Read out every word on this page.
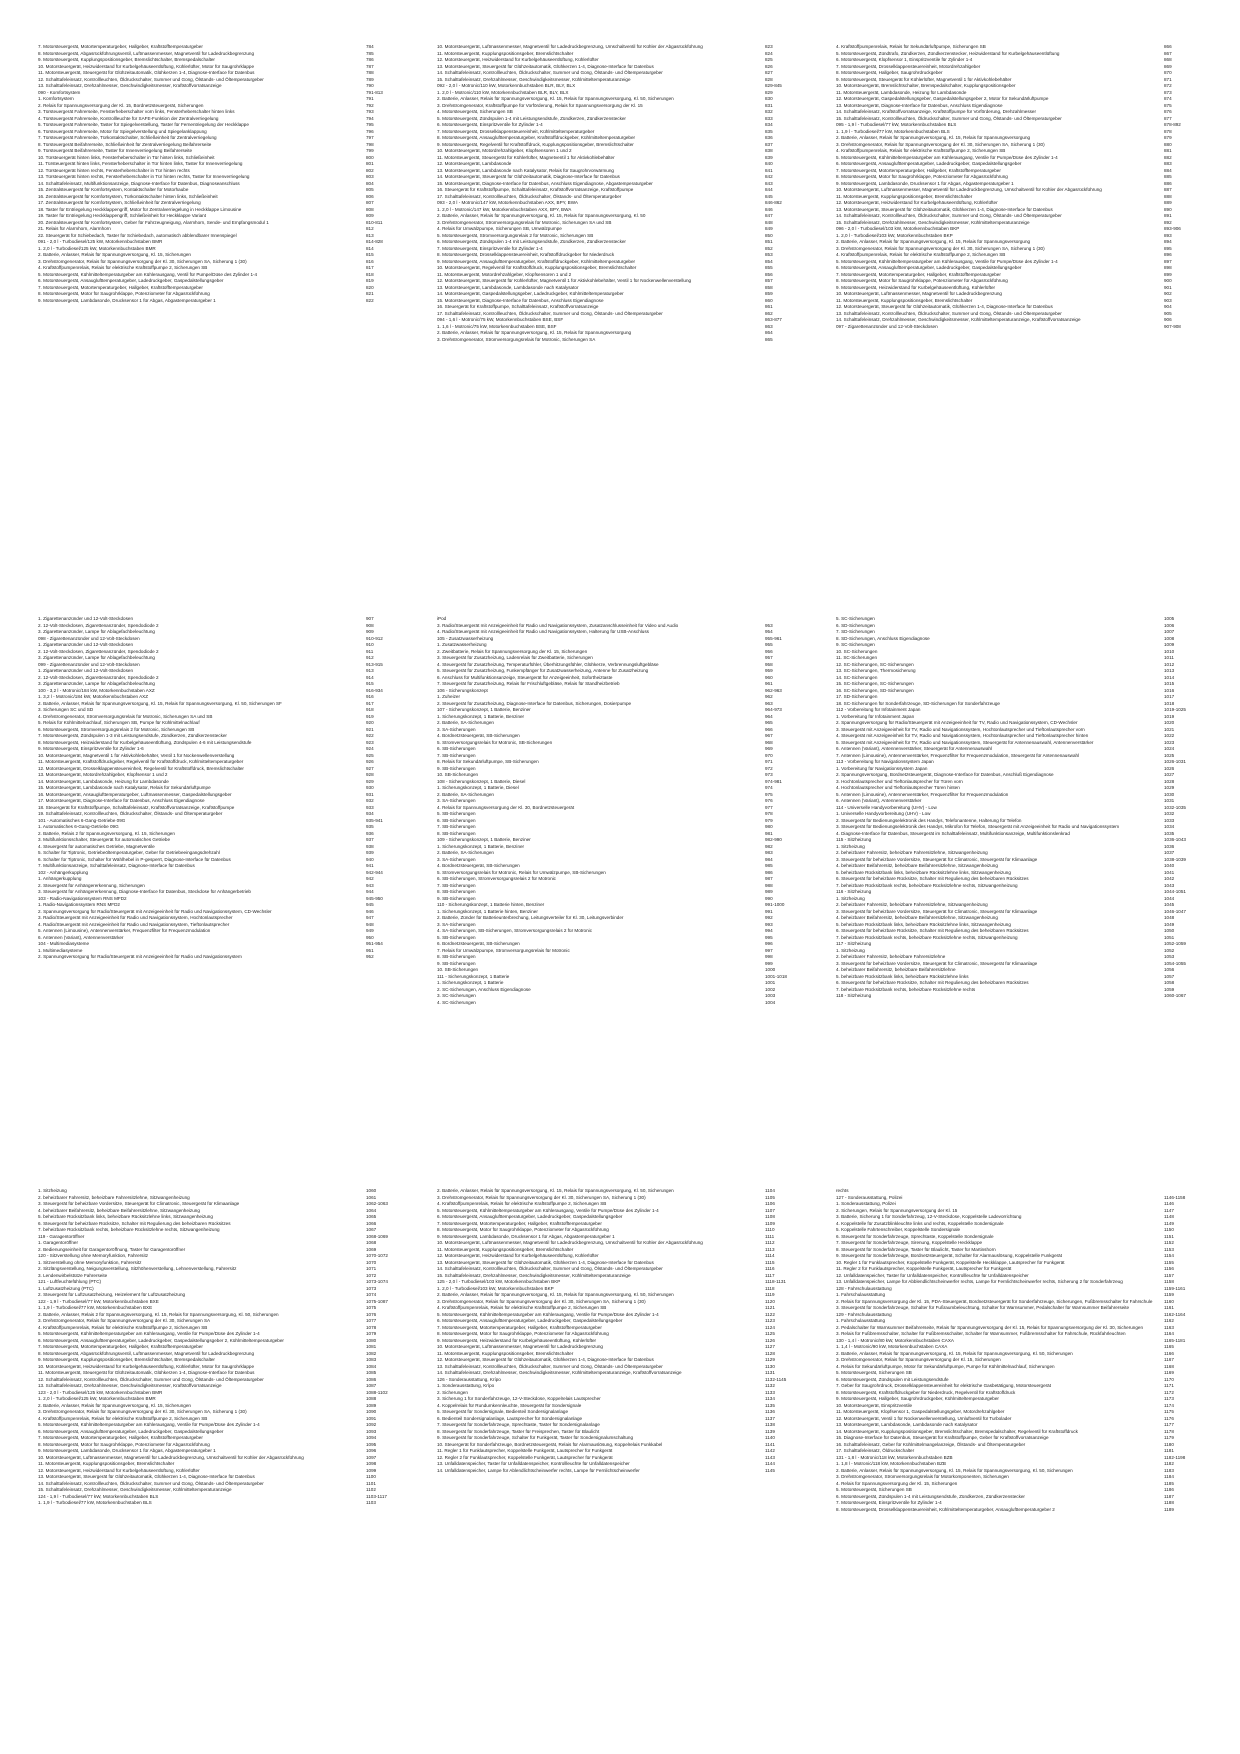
7. Motorsteuergerät, Motortemperaturgeber, Hallgeber, Kraftstofftemperaturgeber	784
8. Motorsteuergerät, Abgasrückführungsventil, Luftmassenmesser, Magnetventil für Ladedruckbegrenzung	785
9. Motorsteuergerät, Kupplungspositionsgeber, Bremslichtschalter, Bremspedalschalter	786
10. Motorsteuergerät, Heizwiderstand für Kurbelgehäuseentlüftung, Kühlerlüfter, Motor für Saugrohrklappe	787
11. Motorsteuergerät, Steuergerät für Glühzeitautomatik, Glühkerzen 1-4, Diagnose-Interface für Datenbus	788
12. Schalttafeleinsatz, Kontrollleuchten, Öldruckschalter, Summer und Gong, Ölstands- und Öltemperaturgeber	789
13. Schalttafeleinsatz, Drehzahlmesser, Geschwindigkeitsmesser, Kraftstoffvorratsanzeige	790
090 - Komfortsystem	791-813
1. Komfortsystem	791
2. Relais für Spannungsversorgung der Kl. 15, Bordnetzsteuergerät, Sicherungen	792
3. Türsteuergerät Fahrerseite, Fensterheberschalter vorn links, Fensterheberschalter hinten links	793
4. Türsteuergerät Fahrerseite, Kontrollleuchte für SAFE-Funktion der Zentralverriegelung	794
5. Türsteuergerät Fahrerseite, Taster für Spiegelverstellung, Taster für Fernentriegelung der Heckklappe	795
6. Türsteuergerät Fahrerseite, Motor für Spiegelverstellung und Spiegelanklappung	796
7. Türsteuergerät Fahrerseite, Türkontaktschalter, Schließeinheit für Zentralverriegelung	797
8. Türsteuergerät Beifahrerseite, Schließeinheit für Zentralverriegelung Beifahrerseite	798
9. Türsteuergerät Beifahrerseite, Taster für Innenverriegelung Beifahrerseite	799
10. Türsteuergerät hinten links, Fensterheberschalter in Tür hinten links, Schließeinheit	800
11. Türsteuergerät hinten links, Fensterheberschalter in Tür hinten links, Taster für Innenverriegelung	801
12. Türsteuergerät hinten rechts, Fensterheberschalter in Tür hinten rechts	802
13. Türsteuergerät hinten rechts, Fensterheberschalter in Tür hinten rechts, Taster für Innenverriegelung	803
14. Schalttafeleinsatz, Multifunktionsanzeige, Diagnose-Interface für Datenbus, Diagnoseanschluss	804
15. Zentralsteuergerät für Komfortsystem, Kontaktschalter für Motorhaube	805
16. Zentralsteuergerät für Komfortsystem, Türkontaktschalter hinten links, Schließeinheit	806
17. Zentralsteuergerät für Komfortsystem, Schließeinheit für Zentralverriegelung	807
18. Taster für Entriegelung Heckklappengriff, Motor für Zentralverriegelung in Heckklappe Limousine	808
19. Taster für Entriegelung Heckklappengriff, Schließeinheit für Heckklappe Variant	809
20. Zentralsteuergerät für Komfortsystem, Geber für Fahrzeugneigung, Alarmhorn, Sende- und Empfangsmodul 1	810-811
21. Relais für Alarmhorn, Alarmhorn	812
22. Steuergerät für Schiebedach, Taster für Schiebedach, automatisch abblendbarer Innenspiegel	813
091 - 2,0 l - Turbodiesel/125 kW, Motorkennbuchstaben BMR	814-828
1. 2,0 l - Turbodiesel/125 kW, Motorkennbuchstaben BMR	814
2. Batterie, Anlasser, Relais für Spannungsversorgung, Kl. 15, Sicherungen	815
3. Drehstromgenerator, Relais für Spannungsversorgung der Kl. 30, Sicherungen SA, Sicherung 1 (30)	816
4. Kraftstoffpumpenrelais, Relais für elektrische Kraftstoffpumpe 2, Sicherungen SB	817
5. Motorsteuergerät, Kühlmitteltemperaturgeber am Kühlerausgang, Ventil für Pumpe/Düse des Zylinder 1-4	818
6. Motorsteuergerät, Ansauglufttemperaturgeber, Ladedruckgeber, Gaspedalstellungsgeber	819
7. Motorsteuergerät, Motortemperaturgeber, Hallgeber, Kraftstofftemperaturgeber	820
8. Motorsteuergerät, Motor für Saugrohrklappe, Potenziometer für Abgasrückführung	821
9. Motorsteuergerät, Lambdasonde, Drucksensor 1 für Abgas, Abgastemperaturgeber 1	822
10. Motorsteuergerät, Luftmassenmesser, Magnetventil für Ladedruckbegrenzung, Umschaltventil für Kühler der Abgasrückführung	823
11. Motorsteuergerät, Kupplungspositionsgeber, Bremslichtschalter	824
12. Motorsteuergerät, Heizwiderstand für Kurbelgehäuseentlüftung, Kühlerlüfter	825
13. Motorsteuergerät, Steuergerät für Glühzeitautomatik, Glühkerzen 1-4, Diagnose-Interface für Datenbus	826
14. Schalttafeleinsatz, Kontrollleuchten, Öldruckschalter, Summer und Gong, Ölstands- und Öltemperaturgeber	827
15. Schalttafeleinsatz, Drehzahlmesser, Geschwindigkeitsmesser, Kühlmitteltemperaturanzeige	828
092 - 2,0 l - Motronic/110 kW, Motorkennbuchstaben BLR, BLY, BLX	829-845
1. 2,0 l - Motronic/110 kW, Motorkennbuchstaben BLR, BLY, BLX	829
2. Batterie, Anlasser, Relais für Spannungsversorgung, Kl. 15, Relais für Spannungsversorgung, Kl. 50, Sicherungen	830
3. Drehstromgenerator, Kraftstoffpumpe für Vorförderung, Relais für Spannungsversorgung der Kl. 15	831
4. Motorsteuergerät, Sicherungen SB	832
5. Motorsteuergerät, Zündspulen 1-4 mit Leistungsendstufe, Zündkerzen, Zündkerzenstecker	833
6. Motorsteuergerät, Einspritzventile für Zylinder 1-4	834
7. Motorsteuergerät, Drosselklappensteuereinheit, Kühlmitteltemperaturgeber	835
8. Motorsteuergerät, Ansauglufttemperaturgeber, Kraftstoffdruckgeber, Kühlmitteltemperaturgeber	836
9. Motorsteuergerät, Regelventil für Kraftstoffdruck, Kupplungspositionsgeber, Bremslichtschalter	837
10. Motorsteuergerät, Motordrehzahlgeber, Klopfsensoren 1 und 2	838
11. Motorsteuergerät, Steuergerät für Kühlerlüfter, Magnetventil 1 für Aktivkohlebehälter	839
12. Motorsteuergerät, Lambdasonde	840
13. Motorsteuergerät, Lambdasonde nach Katalysator, Relais für Saugrohrvorwärmung	841
14. Motorsteuergerät, Steuergerät für Glühzeitautomatik, Diagnose-Interface für Datenbus	842
15. Motorsteuergerät, Diagnose-Interface für Datenbus, Anschluss Eigendiagnose, Abgastemperaturgeber	843
16. Steuergerät für Kraftstoffpumpe, Schalttafeleinsatz, Kraftstoffvorratsanzeige, Kraftstoffpumpe	844
17. Schalttafeleinsatz, Kontrollleuchten, Öldruckschalter, Ölstands- und Öltemperaturgeber	845
093 - 2,0 l - Motronic/147 kW, Motorkennbuchstaben AXX, BPY, BWA	846-862
1. 2,0 l - Motronic/147 kW, Motorkennbuchstaben AXX, BPY, BWA	846
2. Batterie, Anlasser, Relais für Spannungsversorgung, Kl. 15, Relais für Spannungsversorgung, Kl. 50	847
3. Drehstromgenerator, Stromversorgungsrelais für Motronic, Sicherungen SA und SB	848
4. Relais für Umwälzpumpe, Sicherungen SB, Umwälzpumpe	849
5. Motorsteuergerät, Stromversorgungsrelais 2 für Motronic, Sicherungen SB	850
6. Motorsteuergerät, Zündspulen 1-4 mit Leistungsendstufe, Zündkerzen, Zündkerzenstecker	851
7. Motorsteuergerät, Einspritzventile für Zylinder 1-4	852
8. Motorsteuergerät, Drosselklappensteuereinheit, Kraftstoffdruckgeber für Niederdruck	853
9. Motorsteuergerät, Ansauglufttemperaturgeber, Kraftstoffdruckgeber, Kühlmitteltemperaturgeber	854
10. Motorsteuergerät, Regelventil für Kraftstoffdruck, Kupplungspositionsgeber, Bremslichtschalter	855
11. Motorsteuergerät, Motordrehzahlgeber, Klopfsensoren 1 und 2	856
12. Motorsteuergerät, Steuergerät für Kühlerlüfter, Magnetventil 1 für Aktivkohlebehälter, Ventil 1 für Nockenwellenverstellung	857
13. Motorsteuergerät, Lambdasonde, Lambdasonde nach Katalysator	858
14. Motorsteuergerät, Gaspedalstellungsgeber, Ladedruckgeber, Kühlmitteltemperaturgeber	859
15. Motorsteuergerät, Diagnose-Interface für Datenbus, Anschluss Eigendiagnose	860
16. Steuergerät für Kraftstoffpumpe, Schalttafeleinsatz, Kraftstoffvorratsanzeige	861
17. Schalttafeleinsatz, Kontrollleuchten, Öldruckschalter, Summer und Gong, Ölstands- und Öltemperaturgeber	862
094 - 1,6 l - Motronic/75 kW, Motorkennbuchstaben BSE, BSF	863-877
1. 1,6 l - Motronic/75 kW, Motorkennbuchstaben BSE, BSF	863
2. Batterie, Anlasser, Relais für Spannungsversorgung, Kl. 15, Relais für Spannungsversorgung	864
3. Drehstromgenerator, Stromversorgungsrelais für Motronic, Sicherungen SA	865
4. Kraftstoffpumpenrelais, Relais für Sekundärluftpumpe, Sicherungen SB	866
5. Motorsteuergerät, Zündtrafo, Zündkerzen, Zündkerzenstecker, Heizwiderstand für Kurbelgehäuseentlüftung	867
6. Motorsteuergerät, Klopfsensor 1, Einspritzventile für Zylinder 1-4	868
7. Motorsteuergerät, Drosselklappensteuereinheit, Motordrehzahlgeber	869
8. Motorsteuergerät, Hallgeber, Saugrohrdruckgeber	870
9. Motorsteuergerät, Steuergerät für Kühlerlüfter, Magnetventil 1 für Aktivkohlebehälter	871
10. Motorsteuergerät, Bremslichtschalter, Bremspedalschalter, Kupplungspositionsgeber	872
11. Motorsteuergerät, Lambdasonde, Heizung für Lambdasonde	873
12. Motorsteuergerät, Gaspedalstellungsgeber, Gaspedalstellungsgeber 2, Motor für Sekundärluftpumpe	874
13. Motorsteuergerät, Diagnose-Interface für Datenbus, Anschluss Eigendiagnose	875
14. Schalttafeleinsatz, Kraftstoffvorratsanzeige, Kraftstoffpumpe für Vorförderung, Drehzahlmesser	876
15. Schalttafeleinsatz, Kontrollleuchten, Öldruckschalter, Summer und Gong, Ölstands- und Öltemperaturgeber	877
095 - 1,9 l - Turbodiesel/77 kW, Motorkennbuchstaben BLS	878-892
1. 1,9 l - Turbodiesel/77 kW, Motorkennbuchstaben BLS	878
2. Batterie, Anlasser, Relais für Spannungsversorgung, Kl. 15, Relais für Spannungsversorgung	879
3. Drehstromgenerator, Relais für Spannungsversorgung der Kl. 30, Sicherungen SA, Sicherung 1 (30)	880
4. Kraftstoffpumpenrelais, Relais für elektrische Kraftstoffpumpe 2, Sicherungen SB	881
5. Motorsteuergerät, Kühlmitteltemperaturgeber am Kühlerausgang, Ventile für Pumpe/Düse des Zylinder 1-4	882
6. Motorsteuergerät, Ansauglufttemperaturgeber, Ladedruckgeber, Gaspedalstellungsgeber	883
7. Motorsteuergerät, Motortemperaturgeber, Hallgeber, Kraftstofftemperaturgeber	884
8. Motorsteuergerät, Motor für Saugrohrklappe, Potenziometer für Abgasrückführung	885
9. Motorsteuergerät, Lambdasonde, Drucksensor 1 für Abgas, Abgastemperaturgeber 1	886
10. Motorsteuergerät, Luftmassenmesser, Magnetventil für Ladedruckbegrenzung, Umschaltventil für Kühler der Abgasrückführung	887
11. Motorsteuergerät, Kupplungspositionsgeber, Bremslichtschalter	888
12. Motorsteuergerät, Heizwiderstand für Kurbelgehäuseentlüftung, Kühlerlüfter	889
13. Motorsteuergerät, Steuergerät für Glühzeitautomatik, Glühkerzen 1-4, Diagnose-Interface für Datenbus	890
14. Schalttafeleinsatz, Kontrollleuchten, Öldruckschalter, Summer und Gong, Ölstands- und Öltemperaturgeber	891
15. Schalttafeleinsatz, Drehzahlmesser, Geschwindigkeitsmesser, Kühlmitteltemperaturanzeige	892
096 - 2,0 l - Turbodiesel/103 kW, Motorkennbuchstaben BKP	893-906
1. 2,0 l - Turbodiesel/103 kW, Motorkennbuchstaben BKP	893
2. Batterie, Anlasser, Relais für Spannungsversorgung, Kl. 15, Relais für Spannungsversorgung	894
3. Drehstromgenerator, Relais für Spannungsversorgung der Kl. 30, Sicherungen SA, Sicherung 1 (30)	895
4. Kraftstoffpumpenrelais, Relais für elektrische Kraftstoffpumpe 2, Sicherungen SB	896
5. Motorsteuergerät, Kühlmitteltemperaturgeber am Kühlerausgang, Ventile für Pumpe/Düse des Zylinder 1-4	897
6. Motorsteuergerät, Ansauglufttemperaturgeber, Ladedruckgeber, Gaspedalstellungsgeber	898
7. Motorsteuergerät, Motortemperaturgeber, Hallgeber, Kraftstofftemperaturgeber	899
8. Motorsteuergerät, Motor für Saugrohrklappe, Potenziometer für Abgasrückführung	900
9. Motorsteuergerät, Heizwiderstand für Kurbelgehäuseentlüftung, Kühlerlüfter	901
10. Motorsteuergerät, Luftmassenmesser, Magnetventil für Ladedruckbegrenzung	902
11. Motorsteuergerät, Kupplungspositionsgeber, Bremslichtschalter	903
12. Motorsteuergerät, Steuergerät für Glühzeitautomatik, Glühkerzen 1-4, Diagnose-Interface für Datenbus	904
13. Schalttafeleinsatz, Kontrollleuchten, Öldruckschalter, Summer und Gong, Ölstands- und Öltemperaturgeber	905
14. Schalttafeleinsatz, Drehzahlmesser, Geschwindigkeitsmesser, Kühlmitteltemperaturanzeige, Kraftstoffvorratsanzeige	906
097 - Zigarettenanzünder und 12-Volt-Steckdosen	907-908
1. Zigarettenanzünder und 12-Volt-Steckdosen	907
2. 12-Volt-Steckdosen, Zigarettenanzünder, Spendodiode 2	908
3. Zigarettenanzünder, Lampe für Ablagefachbeleuchtung	909
098 - Zigarettenanzünder und 12-Volt-Steckdosen	910-912
1. Zigarettenanzünder und 12-Volt-Steckdosen	910
2. 12-Volt-Steckdosen, Zigarettenanzünder, Spendodiode 2	911
3. Zigarettenanzünder, Lampe für Ablagefachbeleuchtung	912
099 - Zigarettenanzünder und 12-Volt-Steckdosen	913-915
1. Zigarettenanzünder und 12-Volt-Steckdosen	913
2. 12-Volt-Steckdosen, Zigarettenanzünder, Spendodiode 2	914
3. Zigarettenanzünder, Lampe für Ablagefachbeleuchtung	915
100 - 3,2 l - Motronic/184 kW, Motorkennbuchstaben AXZ	916-934
1. 3,2 l - Motronic/184 kW, Motorkennbuchstaben AXZ	916
2. Batterie, Anlasser, Relais für Spannungsversorgung, Kl. 15, Relais für Spannungsversorgung, Kl. 50, Sicherungen SF	917
3. Sicherungen SC und SD	918
4. Drehstromgenerator, Stromversorgungsrelais für Motronic, Sicherungen SA und SB	919
5. Relais für Kühlmittelnachlauf, Sicherungen SB, Pumpe für Kühlmittelnachlauf	920
6. Motorsteuergerät, Stromversorgungsrelais 2 für Motronic, Sicherungen SB	921
7. Motorsteuergerät, Zündspulen 1-3 mit Leistungsendstufe, Zündkerzen, Zündkerzenstecker	922
8. Motorsteuergerät, Heizwiderstand für Kurbelgehäuseentlüftung, Zündspulen 4-6 mit Leistungsendstufe	923
9. Motorsteuergerät, Einspritzventile für Zylinder 1-6	924
10. Motorsteuergerät, Magnetventil 1 für Aktivkohlebehälter, Ventil 1 für Nockenwellenverstellung	925
11. Motorsteuergerät, Kraftstoffdruckgeber, Regelventil für Kraftstoffdruck, Kühlmitteltemperaturgeber	926
12. Motorsteuergerät, Drosselklappensteuereinheit, Regelventil für Kraftstoffdruck, Bremslichtschalter	927
13. Motorsteuergerät, Motordrehzahlgeber, Klopfsensor 1 und 2	928
14. Motorsteuergerät, Lambdasonde, Heizung für Lambdasonde	929
15. Motorsteuergerät, Lambdasonde nach Katalysator, Relais für Sekundärluftpumpe	930
16. Motorsteuergerät, Ansauglufttemperaturgeber, Luftmassenmesser, Gaspedalstellungsgeber	931
17. Motorsteuergerät, Diagnose-Interface für Datenbus, Anschluss Eigendiagnose	932
18. Steuergerät für Kraftstoffpumpe, Schalttafeleinsatz, Kraftstoffvorratsanzeige, Kraftstoffpumpe	933
19. Schalttafeleinsatz, Kontrollleuchten, Öldruckschalter, Ölstands- und Öltemperaturgeber	934
101 - Automatisches 6-Gang-Getriebe 09G	935-941
1. Automatisches 6-Gang-Getriebe 09G	935
2. Batterie, Relais 2 für Spannungsversorgung, Kl. 15, Sicherungen	936
3. Multifunktionsschalter, Steuergerät für automatisches Getriebe	937
4. Steuergerät für automatisches Getriebe, Magnetventile	938
5. Schalter für Tiptronic, Getriebeöltemperaturgeber, Geber für Getriebeeingangsdrehzahl	939
6. Schalter für Tiptronic, Schalter für Wählhebel in P-gesperrt, Diagnose-Interface für Datenbus	940
7. Multifunktionsanzeige, Schalttafeleinsatz, Diagnose-Interface für Datenbus	941
102 - Anhängerkupplung	942-944
1. Anhängerkupplung	942
2. Steuergerät für Anhängererkennung, Sicherungen	943
3. Steuergerät für Anhängererkennung, Diagnose-Interface für Datenbus, Steckdose für Anhängerbetrieb	944
103 - Radio-Navigationssystem RNS MFD2	945-950
1. Radio-Navigationssystem RNS MFD2	945
2. Spannungsversorgung für Radio/Steuergerät mit Anzeigeeinheit für Radio und Navigationssystem, CD-Wechsler	946
3. Radio/Steuergerät mit Anzeigeeinheit für Radio und Navigationssystem, Hochtonlautsprecher	947
4. Radio/Steuergerät mit Anzeigeeinheit für Radio und Navigationssystem, Tieftonlautsprecher	948
5. Antennen (Limousine), Antennenverstärker, Frequenzfilter für Frequenzmodulation	949
6. Antennen (Variant), Antennenverstärker	950
104 - Multimediasysteme	951-954
1. Multimediasysteme	951
2. Spannungsversorgung für Radio/Steuergerät mit Anzeigeeinheit für Radio und Navigationssystem	952
iPod
3. Radio/Steuergerät mit Anzeigeeinheit für Radio und Navigationssystem, Zusatzanschlusseinheit für Video und Audio	953
4. Radio/Steuergerät mit Anzeigeeinheit für Radio und Navigationssystem, Halterung für USB-Anschluss	954
105 - Zusatzwasserheizung	955-961
1. Zusatzwasserheizung	955
2. Zweitbatterie, Relais für Spannungsversorgung der Kl. 15, Sicherungen	956
3. Steuergerät für Zusatzheizung, Ladenrelais für Zweitbatterie, Sicherungen	957
4. Steuergerät für Zusatzheizung, Temperaturfühler, Überhitzungsfühler, Glühkerze, Verbrennungsluftgebläse	958
5. Steuergerät für Zusatzheizung, Funkempfänger für Zusatzwasserheizung, Antenne für Zusatzheizung	959
6. Anschluss für Multifunktionsanzeige, Steuergerät für Anzeigeeinheit, Sofortheiztaste	960
7. Steuergerät für Zusatzheizung, Relais für Frischluftgebläse, Relais für Standheizbetrieb	961
106 - Sicherungskonzept	962-963
1. Zuheizer	962
2. Steuergerät für Zusatzheizung, Diagnose-Interface für Datenbus, Sicherungen, Dosierpumpe	963
107 - Sicherungskonzept, 1 Batterie, Benziner	964-973
1. Sicherungskonzept, 1 Batterie, Benziner	964
2. Batterie, SA-Sicherungen	965
3. SA-Sicherungen	966
4. Bordnetzsteuergerät, SB-Sicherungen	967
5. Stromversorgungsrelais für Motronic, SB-Sicherungen	968
6. SB-Sicherungen	969
7. SB-Sicherungen	970
8. Relais für Sekundärluftpumpe, SB-Sicherungen	971
9. SB-Sicherungen	972
10. SB-Sicherungen	973
108 - Sicherungskonzept, 1 Batterie, Diesel	974-981
1. Sicherungskonzept, 1 Batterie, Diesel	974
2. Batterie, SA-Sicherungen	975
3. SA-Sicherungen	976
4. Relais für Spannungsversorgung der Kl. 30, Bordnetzsteuergerät	977
5. SB-Sicherungen	978
6. SB-Sicherungen	979
7. SB-Sicherungen	980
8. SB-Sicherungen	981
109 - Sicherungskonzept, 1 Batterie, Benziner	982-990
1. Sicherungskonzept, 1 Batterie, Benziner	982
2. Batterie, SA-Sicherungen	983
3. SA-Sicherungen	984
4. Bordnetzsteuergerät, SB-Sicherungen	985
5. Stromversorgungsrelais für Motronic, Relais für Umwälzpumpe, SB-Sicherungen	986
6. SB-Sicherungen, Stromversorgungsrelais 2 für Motronic	987
7. SB-Sicherungen	988
8. SB-Sicherungen	989
9. SB-Sicherungen	990
110 - Sicherungskonzept, 1 Batterie hinten, Benziner	991-1000
1. Sicherungskonzept, 1 Batterie hinten, Benziner	991
2. Batterie, Zünder für Batterieunterbrechung, Leitungsverteiler für Kl. 30, Leitungsverbinder	992
3. SA-Sicherungen	993
4. SA-Sicherungen, SB-Sicherungen, Stromversorgungsrelais 2 für Motronic	994
5. SB-Sicherungen	995
6. Bordnetzsteuergerät, SB-Sicherungen	996
7. Relais für Umwälzpumpe, Stromversorgungsrelais für Motronic	997
8. SB-Sicherungen	998
9. SB-Sicherungen	999
10. SB-Sicherungen	1000
111 - Sicherungskonzept, 1 Batterie	1001-1018
1. Sicherungskonzept, 1 Batterie	1001
2. SC-Sicherungen, Anschluss Eigendiagnose	1002
3. SC-Sicherungen	1003
4. SC-Sicherungen	1004
5. SC-Sicherungen	1005
6. SD-Sicherungen	1006
7. SD-Sicherungen	1007
8. SD-Sicherungen, Anschluss Eigendiagnose	1008
9. SC-Sicherungen	1009
10. SC-Sicherungen	1010
11. SC-Sicherungen	1011
12. SC-Sicherungen, SC-Sicherungen	1012
13. SC-Sicherungen, Thermosicherung	1013
14. SC-Sicherungen	1014
15. SC-Sicherungen, SC-Sicherungen	1015
16. SC-Sicherungen, SD-Sicherungen	1016
17. SD-Sicherungen	1017
18. SC-Sicherungen für Sonderfahrzeuge, SD-Sicherungen für Sonderfahrzeuge	1018
112 - Vorbereitung für Infotainment Japan	1019-1025
1. Vorbereitung für Infotainment Japan	1019
2. Spannungsversorgung für Radio/Steuergerät mit Anzeigeeinheit für TV, Radio und Navigationssystem, CD-Wechsler	1020
3. Steuergerät mit Anzeigeeinheit für TV, Radio und Navigationssystem, Hochtonlautsprecher und Tieftonlautsprecher vorn	1021
4. Steuergerät mit Anzeigeeinheit für TV, Radio und Navigationssystem, Hochtonlautsprecher und Tieftonlautsprecher hinten	1022
5. Steuergerät mit Anzeigeeinheit für TV, Radio und Navigationssystem, Steuergerät für Antennenauswahl, Antennenverstärker	1023
6. Antennen (Variant), Antennenverstärker, Steuergerät für Antennenauswahl	1024
7. Antennen (Limousine), Antennenverstärker, Frequenzfilter für Frequenzmodulation, Steuergerät für Antennenauswahl	1025
113 - Vorbereitung für Navigationssystem Japan	1026-1031
1. Vorbereitung für Navigationssystem Japan	1026
2. Spannungsversorgung, Bordnetzsteuergerät, Diagnose-Interface für Datenbus, Anschluß Eigendiagnose	1027
3. Hochtonlautsprecher und Tieftonlautsprecher für Türen vorn	1028
4. Hochtonlautsprecher und Tieftonlautsprecher Türen hinten	1029
5. Antennen (Limousine), Antennenverstärker, Frequenzfilter für Frequenzmodulation	1030
6. Antennen (Variant), Antennenverstärker	1031
114 - Universelle Handyvorbereitung (UHV) - Low	1032-1035
1. Universelle Handyvorbereitung (UHV) - Low	1032
2. Steuergerät für Bedienungselektronik des Handys, Telefonantenne, Halterung für Telefon	1033
3. Steuergerät für Bedienungselektronik des Handys, Mikrofon für Telefon, Steuergerät mit Anzeigeeinheit für Radio und Navigationssystem	1034
4. Diagnose-Interface für Datenbus, Steuergerät im Schalttafeleinsatz, Multifunktionsanzeige, Multifunktionslenkrad	1035
115 - Sitzheizung	1036-1043
1. Sitzheizung	1036
2. beheizbarer Fahrersitz, beheizbare Fahrersitzlehne, Sitzwangenheizung	1037
3. Steuergerät für beheizbare Vordersitze, Steuergerät für Climatronic, Steuergerät für Klimaanlage	1038-1039
4. beheizbarer Beifahrersitz, beheizbare Beifahrersitzlehne, Sitzwangenheizung	1040
5. beheizbare Rücksitzbank links, beheizbare Rücksitzlehne links, Sitzwangenheizung	1041
6. Steuergerät für beheizbare Rücksitze, Schalter mit Regulierung des beheizbaren Rücksitzes	1042
7. beheizbare Rücksitzbank rechts, beheizbare Rücksitzlehne rechts, Sitzwangenheizung	1043
116 - Sitzheizung	1044-1051
1. Sitzheizung	1044
2. beheizbarer Fahrersitz, beheizbare Fahrersitzlehne, Sitzwangenheizung	1045
3. Steuergerät für beheizbare Vordersitze, Steuergerät für Climatronic, Steuergerät für Klimaanlage	1046-1047
4. beheizbarer Beifahrersitz, beheizbare Beifahrersitzlehne, Sitzwangenheizung	1048
5. beheizbare Rücksitzbank links, beheizbare Rücksitzlehne links, Sitzwangenheizung	1049
6. Steuergerät für beheizbare Rücksitze, Schalter mit Regulierung des beheizbaren Rücksitzes	1050
7. beheizbare Rücksitzbank rechts, beheizbare Rücksitzlehne rechts, Sitzwangenheizung	1051
117 - Sitzheizung	1052-1059
1. Sitzheizung	1052
2. beheizbarer Fahrersitz, beheizbare Fahrersitzlehne	1053
3. Steuergerät für beheizbare Vordersitze, Steuergerät für Climatronic, Steuergerät für Klimaanlage	1054-1055
4. beheizbarer Beifahrersitz, beheizbare Beifahrersitzlehne	1056
5. beheizbare Rücksitzbank links, beheizbare Rücksitzlehne links	1057
6. Steuergerät für beheizbare Rücksitze, Schalter mit Regulierung des beheizbaren Rücksitzes	1058
7. beheizbare Rücksitzbank rechts, beheizbare Rücksitzlehne rechts	1059
118 - Sitzheizung	1060-1067
1. Sitzheizung	1060
2. beheizbarer Fahrersitz, beheizbare Fahrersitzlehne, Sitzwangenheizung	1061
3. Steuergerät für beheizbare Vordersitze, Steuergerät für Climatronic, Steuergerät für Klimaanlage	1062-1063
4. beheizbarer Beifahrersitz, beheizbare Beifahrersitzlehne, Sitzwangenheizung	1064
5. beheizbare Rücksitzbank links, beheizbare Rücksitzlehne links, Sitzwangenheizung	1065
6. Steuergerät für beheizbare Rücksitze, Schalter mit Regulierung des beheizbaren Rücksitzes	1066
7. beheizbare Rücksitzbank rechts, beheizbare Rücksitzlehne rechts, Sitzwangenheizung	1067
119 - Garagentoröffner	1068-1069
1. Garagentoröffner	1068
2. Bedienungseinheit für Garagentoröffnung, Taster für Garagentoröffner	1069
120 - Sitzverstellung ohne Memoryfunktion, Fahrersitz	1070-1072
1. Sitzverstellung ohne Memoryfunktion, Fahrersitz	1070
2. Sitzlängsverstellung, Neigungsverstellung, Sitzhöhenverstellung, Lehnenverstellung, Fahrersitz	1071
3. Lendenwirbelstütze Fahrerseite	1072
121 - Luftfeuchtefühlung (PTC)	1073-1074
1. Luftzusatzheizung (PTC)	1073
2. Steuergerät für Luftzusatzheizung, Heizelement für Luftzusatzheizung	1074
122 - 1,9 l - Turbodiesel/77 kW, Motorkennbuchstaben BXE	1075-1087
1. 1,9 l - Turbodiesel/77 kW, Motorkennbuchstaben BXE	1075
2. Batterie, Anlasser, Relais 2 für Spannungsversorgung, Kl. 15, Relais für Spannungsversorgung, Kl. 50, Sicherungen	1076
3. Drehstromgenerator, Relais für Spannungsversorgung der Kl. 30, Sicherungen SA	1077
4. Kraftstoffpumpenrelais, Relais für elektrische Kraftstoffpumpe 2, Sicherungen SB	1078
5. Motorsteuergerät, Kühlmitteltemperaturgeber am Kühlerausgang, Ventile für Pumpe/Düse des Zylinder 1-4	1079
6. Motorsteuergerät, Ansauglufttemperaturgeber, Ladedruckgeber, Gaspedalstellungsgeber 2, Kühlmitteltemperaturgeber	1080
7. Motorsteuergerät, Motortemperaturgeber, Hallgeber, Kraftstofftemperaturgeber	1081
8. Motorsteuergerät, Abgasrückführungsventil, Luftmassenmesser, Magnetventil für Ladedruckbegrenzung	1082
9. Motorsteuergerät, Kupplungspositionsgeber, Bremslichtschalter, Bremspedalschalter	1083
10. Motorsteuergerät, Heizwiderstand für Kurbelgehäuseentlüftung, Kühlerlüfter, Motor für Saugrohrklappe	1084
11. Motorsteuergerät, Steuergerät für Glühzeitautomatik, Glühkerzen 1-4, Diagnose-Interface für Datenbus	1085
12. Schalttafeleinsatz, Kontrollleuchten, Öldruckschalter, Summer und Gong, Ölstands- und Öltemperaturgeber	1086
13. Schalttafeleinsatz, Drehzahlmesser, Geschwindigkeitsmesser, Kraftstoffvorratsanzeige	1087
123 - 2,0 l - Turbodiesel/125 kW, Motorkennbuchstaben BMR	1088-1102
1. 2,0 l - Turbodiesel/125 kW, Motorkennbuchstaben BMR	1088
2. Batterie, Anlasser, Relais für Spannungsversorgung, Kl. 15, Sicherungen	1089
3. Drehstromgenerator, Relais für Spannungsversorgung der Kl. 30, Sicherungen SA, Sicherung 1 (30)	1090
4. Kraftstoffpumpenrelais, Relais für elektrische Kraftstoffpumpe 2, Sicherungen SB	1091
5. Motorsteuergerät, Kühlmitteltemperaturgeber am Kühlerausgang, Ventile für Pumpe/Düse des Zylinder 1-4	1092
6. Motorsteuergerät, Ansauglufttemperaturgeber, Ladedruckgeber, Gaspedalstellungsgeber	1093
7. Motorsteuergerät, Motortemperaturgeber, Hallgeber, Kraftstofftemperaturgeber	1094
8. Motorsteuergerät, Motor für Saugrohrklappe, Potenziometer für Abgasrückführung	1095
9. Motorsteuergerät, Lambdasonde, Drucksensor 1 für Abgas, Abgastemperaturgeber 1	1096
10. Motorsteuergerät, Luftmassenmesser, Magnetventil für Ladedruckbegrenzung, Umschaltventil für Kühler der Abgasrückführung	1097
11. Motorsteuergerät, Kupplungspositionsgeber, Bremslichtschalter	1098
12. Motorsteuergerät, Heizwiderstand für Kurbelgehäuseentlüftung, Kühlerlüfter	1099
13. Motorsteuergerät, Steuergerät für Glühzeitautomatik, Glühkerzen 1-4, Diagnose-Interface für Datenbus	1100
14. Schalttafeleinsatz, Kontrollleuchten, Öldruckschalter, Summer und Gong, Ölstands- und Öltemperaturgeber	1101
15. Schalttafeleinsatz, Drehzahlmesser, Geschwindigkeitsmesser, Kühlmitteltemperaturanzeige	1102
124 - 1,9 l - Turbodiesel/77 kW, Motorkennbuchstaben BLS	1103-1117
1. 1,9 l - Turbodiesel/77 kW, Motorkennbuchstaben BLS	1103
2. Batterie, Anlasser, Relais für Spannungsversorgung, Kl. 15, Relais für Spannungsversorgung, Kl. 50, Sicherungen	1104
3. Drehstromgenerator, Relais für Spannungsversorgung der Kl. 30, Sicherungen SA, Sicherung 1 (30)	1105
4. Kraftstoffpumpenrelais, Relais für elektrische Kraftstoffpumpe 2, Sicherungen SB	1106
5. Motorsteuergerät, Kühlmitteltemperaturgeber am Kühlerausgang, Ventile für Pumpe/Düse des Zylinder 1-4	1107
6. Motorsteuergerät, Ansauglufttemperaturgeber, Ladedruckgeber, Gaspedalstellungsgeber	1108
7. Motorsteuergerät, Motortemperaturgeber, Hallgeber, Kraftstofftemperaturgeber	1109
8. Motorsteuergerät, Motor für Saugrohrklappe, Potenziometer für Abgasrückführung	1110
9. Motorsteuergerät, Lambdasonde, Drucksensor 1 für Abgas, Abgastemperaturgeber 1	1111
10. Motorsteuergerät, Luftmassenmesser, Magnetventil für Ladedruckbegrenzung, Umschaltventil für Kühler der Abgasrückführung	1112
11. Motorsteuergerät, Kupplungspositionsgeber, Bremslichtschalter	1113
12. Motorsteuergerät, Heizwiderstand für Kurbelgehäuseentlüftung, Kühlerlüfter	1114
13. Motorsteuergerät, Steuergerät für Glühzeitautomatik, Glühkerzen 1-4, Diagnose-Interface für Datenbus	1115
14. Schalttafeleinsatz, Kontrollleuchten, Öldruckschalter, Summer und Gong, Ölstands- und Öltemperaturgeber	1116
15. Schalttafeleinsatz, Drehzahlmesser, Geschwindigkeitsmesser, Kühlmitteltemperaturanzeige	1117
125 - 2,0 l - Turbodiesel/103 kW, Motorkennbuchstaben BKP	1118-1131
1. 2,0 l - Turbodiesel/103 kW, Motorkennbuchstaben BKP	1118
2. Batterie, Anlasser, Relais für Spannungsversorgung, Kl. 15, Relais für Spannungsversorgung, Kl. 50, Sicherungen	1119
3. Drehstromgenerator, Relais für Spannungsversorgung der Kl. 30, Sicherungen SA, Sicherung 1 (30)	1120
4. Kraftstoffpumpenrelais, Relais für elektrische Kraftstoffpumpe 2, Sicherungen SB	1121
5. Motorsteuergerät, Kühlmitteltemperaturgeber am Kühlerausgang, Ventile für Pumpe/Düse des Zylinder 1-4	1122
6. Motorsteuergerät, Ansauglufttemperaturgeber, Ladedruckgeber, Gaspedalstellungsgeber	1123
7. Motorsteuergerät, Motortemperaturgeber, Hallgeber, Kraftstofftemperaturgeber	1124
8. Motorsteuergerät, Motor für Saugrohrklappe, Potenziometer für Abgasrückführung	1125
9. Motorsteuergerät, Heizwiderstand für Kurbelgehäuseentlüftung, Kühlerlüfter	1126
10. Motorsteuergerät, Luftmassenmesser, Magnetventil für Ladedruckbegrenzung	1127
11. Motorsteuergerät, Kupplungspositionsgeber, Bremslichtschalter	1128
12. Motorsteuergerät, Steuergerät für Glühzeitautomatik, Glühkerzen 1-4, Diagnose-Interface für Datenbus	1129
13. Schalttafeleinsatz, Kontrollleuchten, Öldruckschalter, Summer und Gong, Ölstands- und Öltemperaturgeber	1130
14. Schalttafeleinsatz, Drehzahlmesser, Geschwindigkeitsmesser, Kühlmitteltemperaturanzeige, Kraftstoffvorratsanzeige	1131
126 - Sonderausstattung, Krípo	1132-1145
1. Sonderausstattung, Krípo	1132
2. Sicherungen	1133
3. Sicherung 1 für Sonderfahrzeuge, 12-V-Steckdose, Koppelrelais Lautsprecher	1134
4. Koppelrelais für Rundumkennleuchte, Steuergerät für Sondersignale	1135
5. Steuergerät für Sondersignale, Bedienteil Sondersignalanlage	1136
6. Bedienteil Sondersignalanlage, Lautsprecher für Sondersignalanlage	1137
7. Steuergerät für Sonderfahrzeuge, Sprechtaste, Taster für Sondersignalanlage	1138
8. Steuergerät für Sonderfahrzeuge, Taster für Freisprechen, Taster für Blaulicht	1139
9. Steuergerät für Sonderfahrzeuge, Schalter für Funkgerät, Taster für Sondersignalumschaltung	1140
10. Steuergerät für Sonderfahrzeuge, Bordnetzsteuergerät, Relais für Alarmauslösung, Koppelrelais Funkkabel	1141
11. Regler 1 für Funklautsprecher, Koppelstelle Funkgerät, Lautsprecher für Funkgerät	1142
12. Regler 2 für Funklautsprecher, Koppelstelle Funkgerät, Lautsprecher für Funkgerät	1143
13. Unfalldatenspeicher, Taster für Unfalldatenspeicher, Kontrollleuchte für Unfalldatenspeicher	1144
14. Unfalldatenspeicher, Lampe für Ablendlichtscheinwerfer rechts, Lampe für Fernlichtscheinwerfer	1145
rechts
127 - Sonderausstattung, Polizei	1146-1158
1. Sonderausstattung, Polizei	1146
2. Sicherungen, Relais für Spannungsversorgung der Kl. 15	1147
3. Batterie, Sicherung 1 für Sonderfahrzeug, 12-V-Steckdose, Koppelstelle Ladevorrichtung	1148
4. Koppelstelle für Zusatzblinkleuchte links und rechts, Koppelstelle Sondersignale	1149
5. Koppelstelle Fahrtenschreiber, Koppelstelle Sondersignale	1150
6. Steuergerät für Sonderfahrzeuge, Sprechtaste, Koppelstelle Sondersignale	1151
7. Steuergerät für Sonderfahrzeuge, Sirenung, Koppelstelle Heckklappe	1152
8. Steuergerät für Sonderfahrzeuge, Taster für Blaulicht, Taster für Martinshorn	1153
9. Steuergerät für Sonderfahrzeuge, Bordnetzsteuergerät, Schalter für Alarmauslösung, Koppelstelle Funkgerät	1154
10. Regler 1 für Funklautsprecher, Koppelstelle Funkgerät, Koppelstelle Heckklappe, Lautsprecher für Funkgerät	1155
11. Regler 2 für Funklautsprecher, Koppelstelle Funkgerät, Lautsprecher für Funkgerät	1156
12. Unfalldatenspeicher, Taster für Unfalldatenspeicher, Kontrollleuchte für Unfalldatenspeicher	1157
13. Unfalldatenspeicher, Lampe für Abblendlichtscheinwerfer rechts, Lampe für Fernlichtscheinwerfer rechts, Sicherung 2 für Sonderfahrzeug	1158
128 - Fahrschulausstattung	1159-1161
1. Fahrschulausstattung	1159
2. Relais für Spannungsversorgung der Kl. 15, PDA-Steuergerät, Bordnetzsteuergerät für Sonderfahrzeuge, Sicherungen, Fußbremsschalter für Fahrschule	1160
3. Steuergerät für Sonderfahrzeuge, Schalter für Fußraumbeleuchtung, Schalter für Warnsummer, Pedalschalter für Warnsummer Beifahrerseite	1161
129 - Fahrschulausstattung	1162-1164
1. Fahrschulausstattung	1162
2. Pedalschalter für Warnsummer Beifahrerseite, Relais für Spannungsversorgung der Kl. 15, Relais für Spannungsversorgung der Kl. 30, Sicherungen	1163
3. Relais für Fußbremsschalter, Schalter für Fußbremsschalter, Schalter für Warnsummer, Fußbremsschalter für Fahrschule, Rückfahrleuchten	1164
130 - 1,4 l - Motronic/80 kW, Motorkennbuchstaben CAXA	1165-1181
1. 1,4 l - Motronic/90 kW, Motorkennbuchstaben CAXA	1165
2. Batterie, Anlasser, Relais für Spannungsversorgung, Kl. 15, Relais für Spannungsversorgung, Kl. 50, Sicherungen	1166
3. Drehstromgenerator, Relais für Spannungsversorgung der Kl. 15, Sicherungen	1167
4. Relais für Sekundärluftpumpe, Motor für Sekundärluftpumpe, Pumpe für Kühlmittelnachlauf, Sicherungen	1168
5. Motorsteuergerät, Sicherungen SB	1169
6. Motorsteuergerät, Zündspulen mit Leistungsendstufe	1170
7. Geber für Saugrohrdruck, Drosselklappensteuereinheit für elektrische Gasbetätigung, Motorsteuergerät	1171
8. Motorsteuergerät, Kraftstoffdruckgeber für Niederdruck, Regelventil für Kraftstoffdruck	1172
9. Motorsteuergerät, Hallgeber, Saugrohrdruckgeber, Kühlmitteltemperaturgeber	1173
10. Motorsteuergerät, Einspritzventile	1174
11. Motorsteuergerät, Klopfsensor 1, Gaspedalstellungsgeber, Motordrehzahlgeber	1175
12. Motorsteuergerät, Ventil 1 für Nockenwellenverstellung, Umluftventil für Turbolader	1176
13. Motorsteuergerät, Lambdasonde, Lambdasonde nach Katalysator	1177
14. Motorsteuergerät, Kupplungspositionsgeber, Bremslichtschalter, Bremspedalschalter, Regelventil für Kraftstoffdruck	1178
15. Diagnose-Interface für Datenbus, Steuergerät für Kraftstoffpumpe, Geber für Kraftstoffvorratsanzeige	1179
16. Schalttafeleinsatz, Geber für Kühlmittelmangelanzeige, Ölstands- und Öltemperaturgeber	1180
17. Schalttafeleinsatz, Öldruckschalter	1181
131 - 1,8 l - Motronic/118 kW, Motorkennbuchstaben BZB	1182-1198
1. 1,8 l - Motronic/118 kW, Motorkennbuchstaben BZB	1182
2. Batterie, Anlasser, Relais für Spannungsversorgung, Kl. 15, Relais für Spannungsversorgung, Kl. 50, Sicherungen	1183
3. Drehstromgenerator, Stromversorgungsrelais für Motorkomponenten, Sicherungen	1184
4. Relais für Spannungsversorgung der Kl. 15, Sicherungen	1185
5. Motorsteuergerät, Sicherungen SB	1186
6. Motorsteuergerät, Zündspulen 1-4 mit Leistungsendstufe, Zündkerzen, Zündkerzenstecker	1187
7. Motorsteuergerät, Einspritzventile für Zylinder 1-4	1188
8. Motorsteuergerät, Drosselklappensteuereinheit, Kühlmitteltemperaturgeber, Ansauglufttemperaturgeber 2	1189
